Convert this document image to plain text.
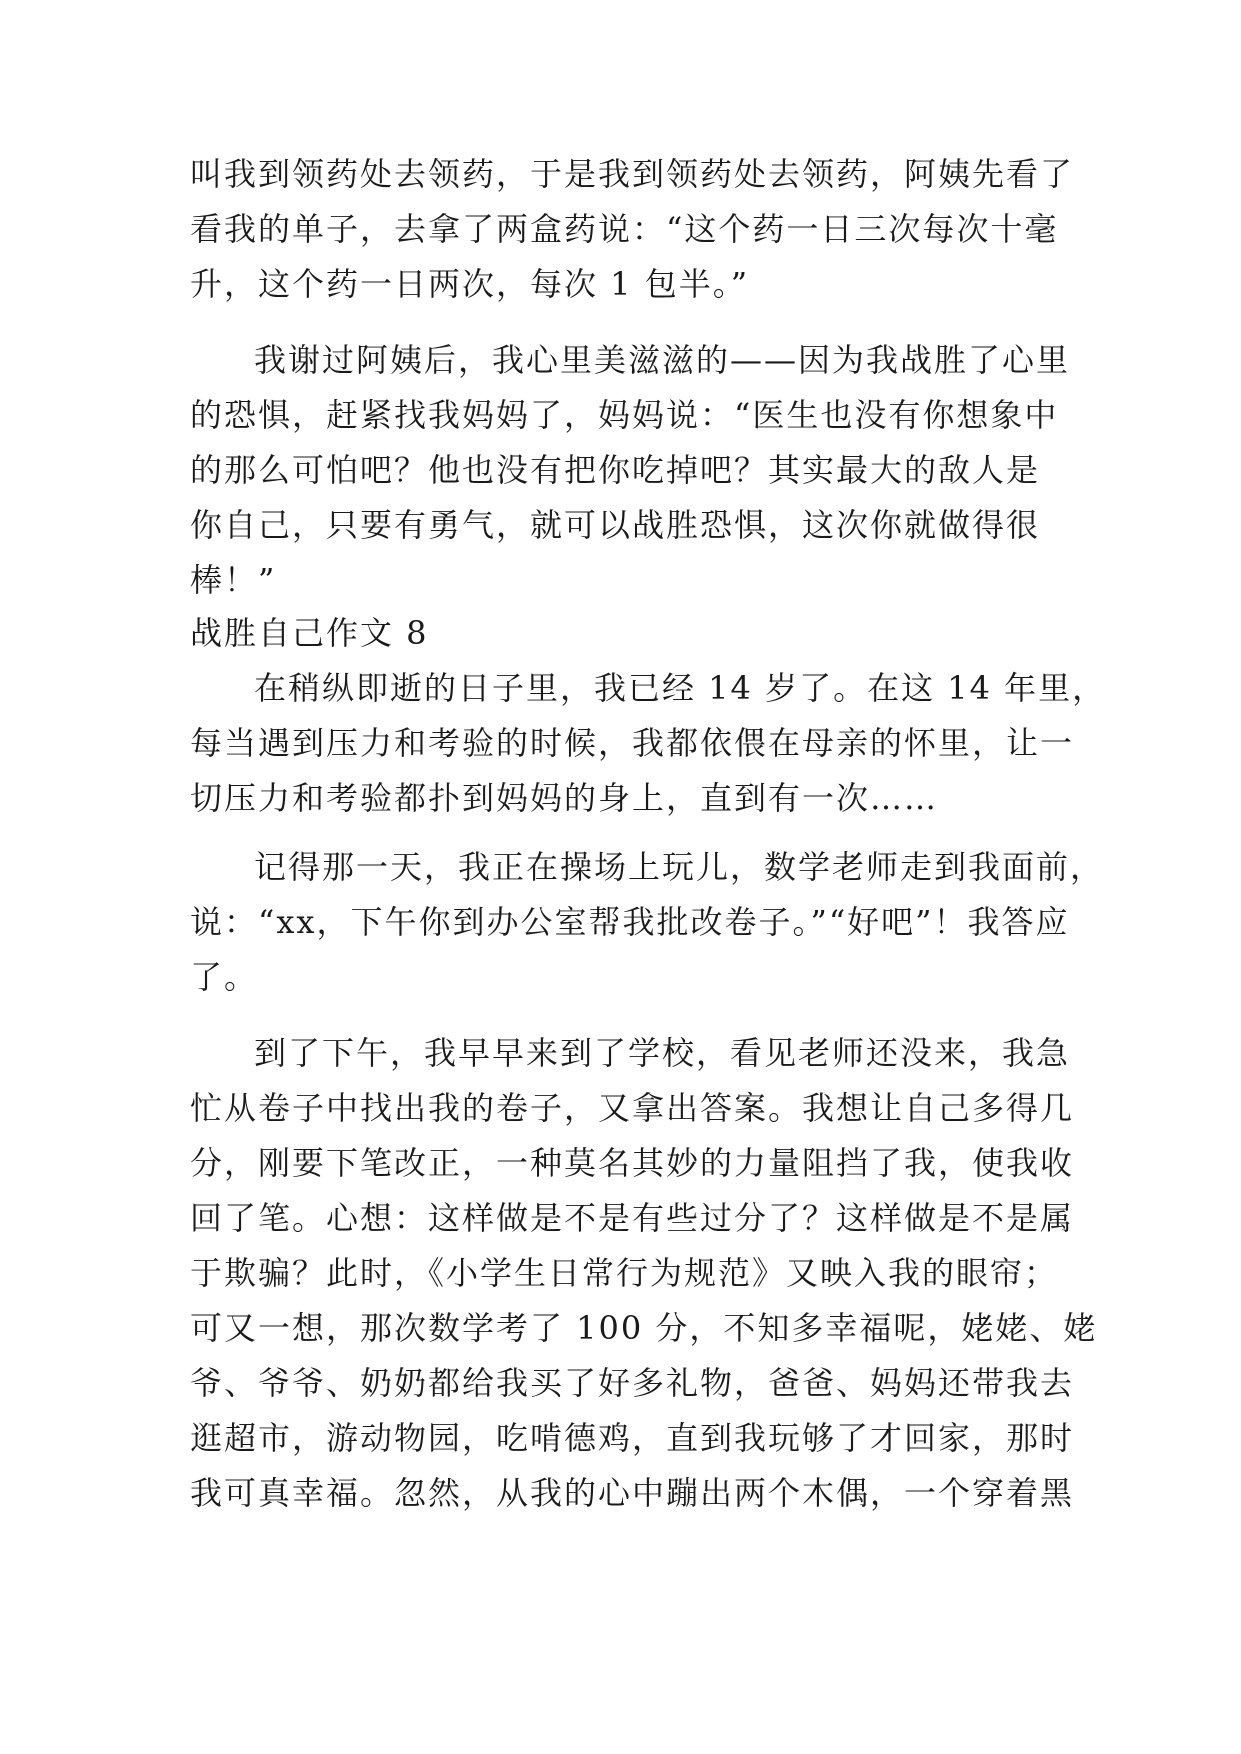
叫我到领药处去领药，于是我到领药处去领药，阿姨先看了
看我的单子，去拿了两盒药说：“这个药一日三次每次十毫
升，这个药一日两次，每次 1 包半。”
我谢过阿姨后，我心里美滋滋的——因为我战胜了心里
的恐惧，赶紧找我妈妈了，妈妈说：“医生也没有你想象中
的那么可怕吧？他也没有把你吃掉吧？其实最大的敌人是
你自己，只要有勇气，就可以战胜恐惧，这次你就做得很
棒！”
战胜自己作文 8
在稍纵即逝的日子里，我已经 14 岁了。在这 14 年里，
每当遇到压力和考验的时候，我都依偎在母亲的怀里，让一
切压力和考验都扑到妈妈的身上，直到有一次……
记得那一天，我正在操场上玩儿，数学老师走到我面前，
说：“xx，下午你到办公室帮我批改卷子。”“好吧”！我答应
了。
到了下午，我早早来到了学校，看见老师还没来，我急
忙从卷子中找出我的卷子，又拿出答案。我想让自己多得几
分，刚要下笔改正，一种莫名其妙的力量阻挡了我，使我收
回了笔。心想：这样做是不是有些过分了？这样做是不是属
于欺骗？此时，《小学生日常行为规范》又映入我的眼帘；
可又一想，那次数学考了 100 分，不知多幸福呢，姥姥、姥
爷、爷爷、奶奶都给我买了好多礼物，爸爸、妈妈还带我去
逛超市，游动物园，吃啃德鸡，直到我玩够了才回家，那时
我可真幸福。忽然，从我的心中蹦出两个木偶，一个穿着黑
